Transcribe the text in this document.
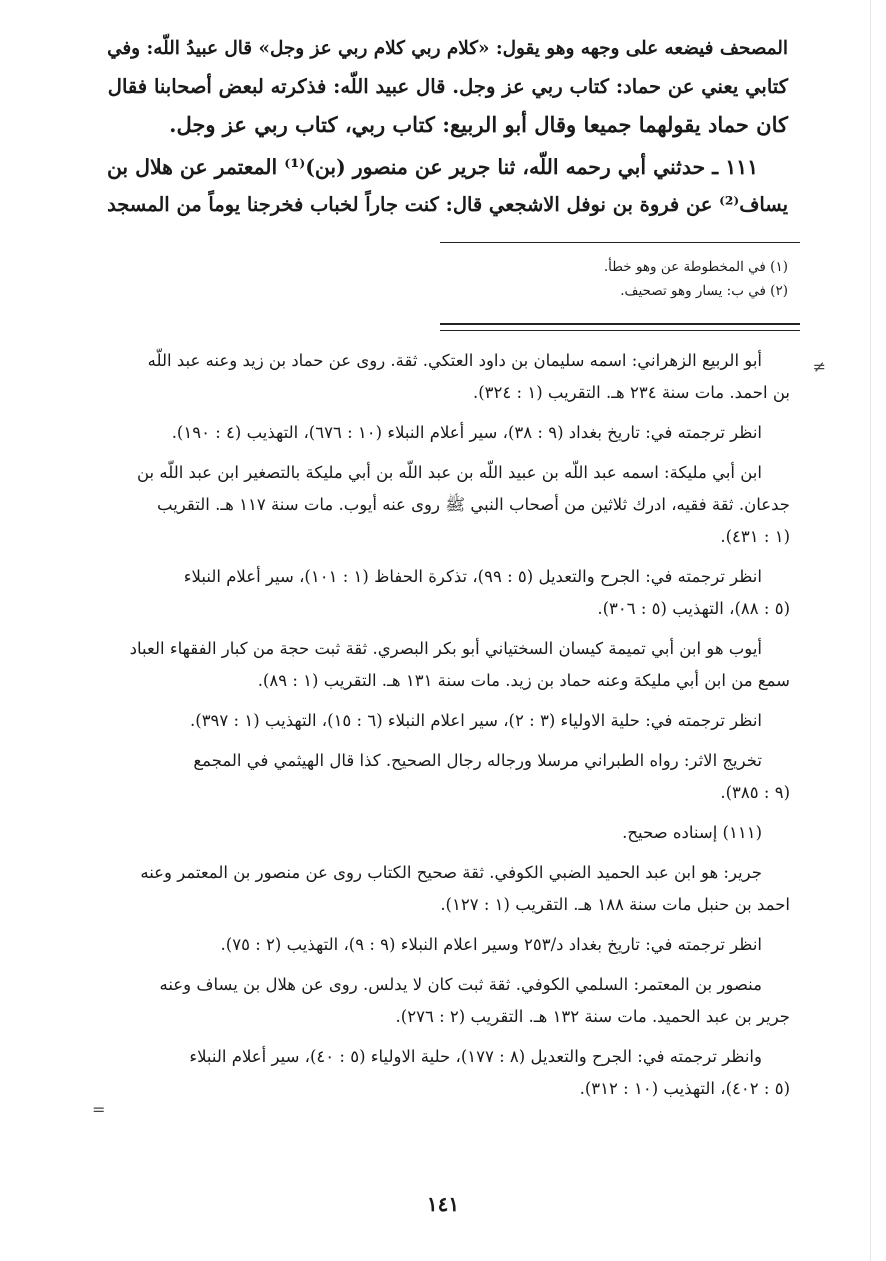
المصحف فيضعه على وجهه وهو يقول: «كلام ربي كلام ربي عز وجل» قال عبيدُ اللّه: وفي
كتابي يعني عن حماد: كتاب ربي عز وجل. قال عبيد اللّه: فذكرته لبعض أصحابنا فقال
كان حماد يقولهما جميعا وقال أبو الربيع: كتاب ربي، كتاب ربي عز وجل.
١١١ ـ حدثني أبي رحمه اللّه، ثنا جرير عن منصور (بن)⁽¹⁾ المعتمر عن هلال بن
يساف⁽²⁾ عن فروة بن نوفل الاشجعي قال: كنت جاراً لخباب فخرجنا يوماً من المسجد
(١) في المخطوطة عن وهو خطأ.
(٢) في ب: يسار وهو تصحيف.
≠
أبو الربيع الزهراني: اسمه سليمان بن داود العتكي. ثقة. روى عن حماد بن زيد وعنه عبد اللّه
بن احمد. مات سنة ٢٣٤ هـ. التقريب (١ : ٣٢٤).
انظر ترجمته في: تاريخ بغداد (٩ : ٣٨)، سير أعلام النبلاء (١٠ : ٦٧٦)، التهذيب (٤ : ١٩٠).
ابن أبي مليكة: اسمه عبد اللّه بن عبيد اللّه بن عبد اللّه بن أبي مليكة بالتصغير ابن عبد اللّه بن
جدعان. ثقة فقيه، ادرك ثلاثين من أصحاب النبي ﷺ روى عنه أيوب. مات سنة ١١٧ هـ. التقريب
(١ : ٤٣١).
انظر ترجمته في: الجرح والتعديل (٥ : ٩٩)، تذكرة الحفاظ (١ : ١٠١)، سير أعلام النبلاء
(٥ : ٨٨)، التهذيب (٥ : ٣٠٦).
أيوب هو ابن أبي تميمة كيسان السختياني أبو بكر البصري. ثقة ثبت حجة من كبار الفقهاء العباد
سمع من ابن أبي مليكة وعنه حماد بن زيد. مات سنة ١٣١ هـ. التقريب (١ : ٨٩).
انظر ترجمته في: حلية الاولياء (٣ : ٢)، سير اعلام النبلاء (٦ : ١٥)، التهذيب (١ : ٣٩٧).
تخريج الاثر: رواه الطبراني مرسلا ورجاله رجال الصحيح. كذا قال الهيثمي في المجمع
(٩ : ٣٨٥).
(١١١) إسناده صحيح.
جرير: هو ابن عبد الحميد الضبي الكوفي. ثقة صحيح الكتاب روى عن منصور بن المعتمر وعنه
احمد بن حنبل مات سنة ١٨٨ هـ. التقريب (١ : ١٢٧).
انظر ترجمته في: تاريخ بغداد د/٢٥٣ وسير اعلام النبلاء (٩ : ٩)، التهذيب (٢ : ٧٥).
منصور بن المعتمر: السلمي الكوفي. ثقة ثبت كان لا يدلس. روى عن هلال بن يساف وعنه
جرير بن عبد الحميد. مات سنة ١٣٢ هـ. التقريب (٢ : ٢٧٦).
وانظر ترجمته في: الجرح والتعديل (٨ : ١٧٧)، حلية الاولياء (٥ : ٤٠)، سير أعلام النبلاء
(٥ : ٤٠٢)، التهذيب (١٠ : ٣١٢).
=
١٤١
